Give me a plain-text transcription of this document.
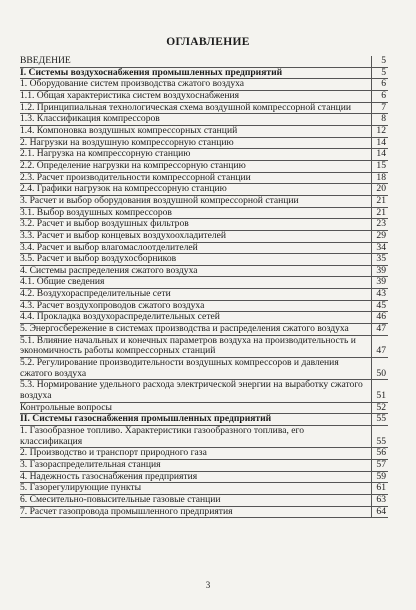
ОГЛАВЛЕНИЕ
ВВЕДЕНИЕ	5
I. Системы воздухоснабжения промышленных предприятий	5
1. Оборудование систем производства сжатого воздуха	6
1.1. Общая характеристика систем воздухоснабжения	6
1.2. Принципиальная технологическая схема воздушной компрессорной станции	7
1.3. Классификация компрессоров	8
1.4. Компоновка воздушных компрессорных станций	12
2. Нагрузки на воздушную компрессорную станцию	14
2.1. Нагрузка на компрессорную станцию	14
2.2. Определение нагрузки на компрессорную станцию	15
2.3. Расчет производительности компрессорной станции	18
2.4. Графики нагрузок на компрессорную станцию	20
3. Расчет и выбор оборудования воздушной компрессорной станции	21
3.1. Выбор воздушных компрессоров	21
3.2. Расчет и выбор воздушных фильтров	23
3.3. Расчет и выбор концевых воздухоохладителей	29
3.4. Расчет и выбор влагомаслоотделителей	34
3.5. Расчет и выбор воздухосборников	35
4. Системы распределения сжатого воздуха	39
4.1. Общие сведения	39
4.2. Воздухораспределительные сети	43
4.3. Расчет воздухопроводов сжатого воздуха	45
4.4. Прокладка воздухораспределительных сетей	46
5. Энергосбережение в системах производства и распределения сжатого воздуха	47
5.1. Влияние начальных и конечных параметров воздуха на производительность и экономичность работы компрессорных станций	47
5.2. Регулирование производительности воздушных компрессоров и давления сжатого воздуха	50
5.3. Нормирование удельного расхода электрической энергии на выработку сжатого воздуха	51
Контрольные вопросы	52
II. Системы газоснабжения промышленных предприятий	55
1. Газообразное топливо. Характеристики газообразного топлива, его классификация	55
2. Производство и транспорт природного газа	56
3. Газораспределительная станция	57
4. Надежность газоснабжения предприятия	59
5. Газорегулирующие пункты	61
6. Смесительно-повысительные газовые станции	63
7. Расчет газопровода промышленного предприятия	64
3
